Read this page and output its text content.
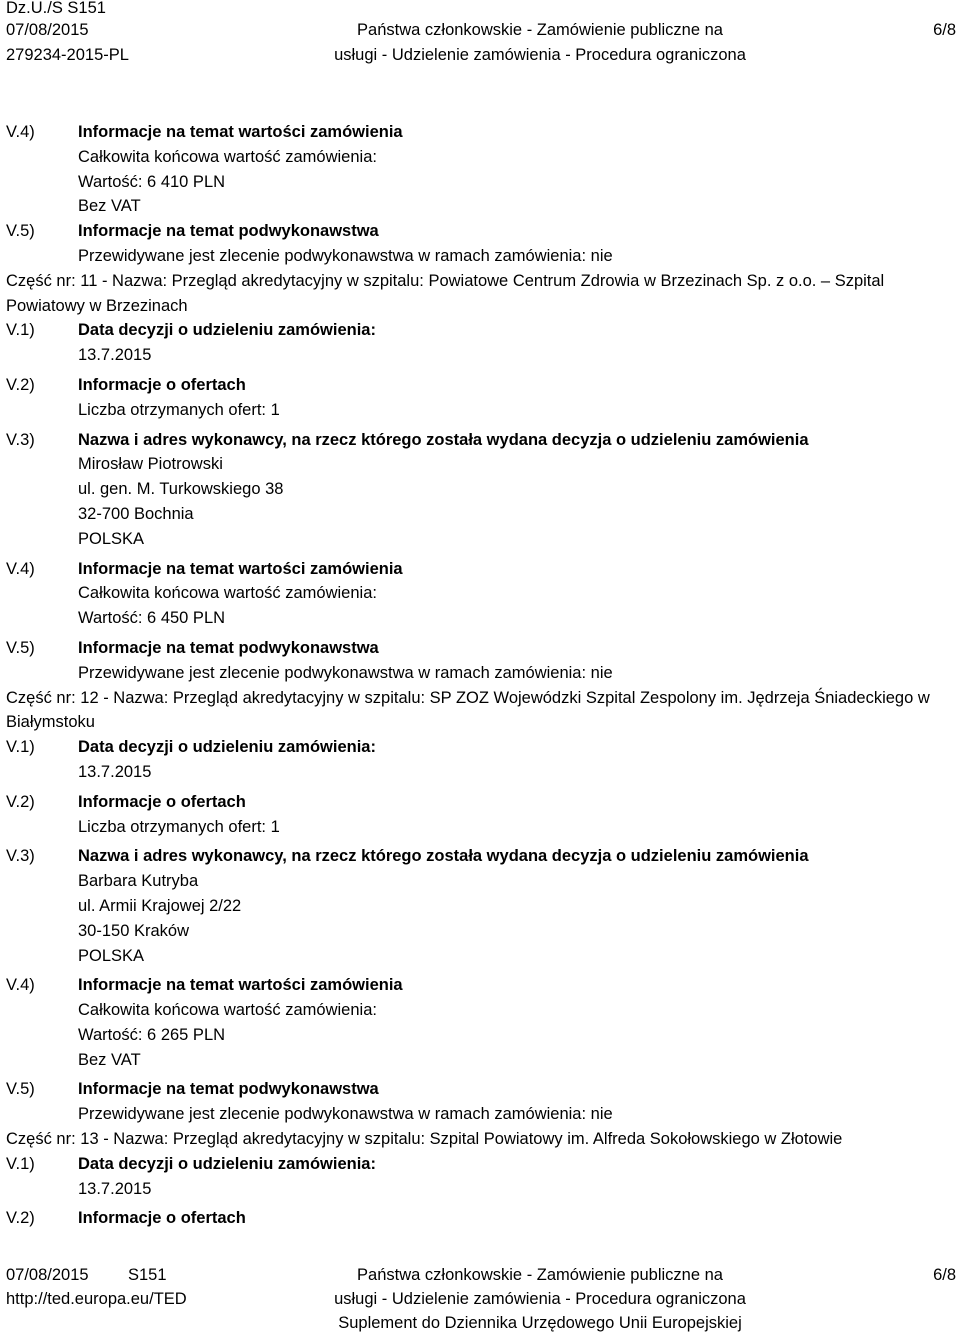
Dz.U./S S151
07/08/2015
279234-2015-PL
Państwa członkowskie - Zamówienie publiczne na
usługi - Udzielenie zamówienia - Procedura ograniczona
6/8
V.4)	Informacje na temat wartości zamówienia
Całkowita końcowa wartość zamówienia:
Wartość: 6 410 PLN
Bez VAT
V.5)	Informacje na temat podwykonawstwa
Przewidywane jest zlecenie podwykonawstwa w ramach zamówienia: nie
Część nr: 11 - Nazwa: Przegląd akredytacyjny w szpitalu: Powiatowe Centrum Zdrowia w Brzezinach Sp. z o.o. – Szpital Powiatowy w Brzezinach
V.1)	Data decyzji o udzieleniu zamówienia:
13.7.2015
V.2)	Informacje o ofertach
Liczba otrzymanych ofert: 1
V.3)	Nazwa i adres wykonawcy, na rzecz którego została wydana decyzja o udzieleniu zamówienia
Mirosław Piotrowski
ul. gen. M. Turkowskiego 38
32-700 Bochnia
POLSKA
V.4)	Informacje na temat wartości zamówienia
Całkowita końcowa wartość zamówienia:
Wartość: 6 450 PLN
V.5)	Informacje na temat podwykonawstwa
Przewidywane jest zlecenie podwykonawstwa w ramach zamówienia: nie
Część nr: 12 - Nazwa: Przegląd akredytacyjny w szpitalu: SP ZOZ Wojewódzki Szpital Zespolony im. Jędrzeja Śniadeckiego w Białymstoku
V.1)	Data decyzji o udzieleniu zamówienia:
13.7.2015
V.2)	Informacje o ofertach
Liczba otrzymanych ofert: 1
V.3)	Nazwa i adres wykonawcy, na rzecz którego została wydana decyzja o udzieleniu zamówienia
Barbara Kutryba
ul. Armii Krajowej 2/22
30-150 Kraków
POLSKA
V.4)	Informacje na temat wartości zamówienia
Całkowita końcowa wartość zamówienia:
Wartość: 6 265 PLN
Bez VAT
V.5)	Informacje na temat podwykonawstwa
Przewidywane jest zlecenie podwykonawstwa w ramach zamówienia: nie
Część nr: 13 - Nazwa: Przegląd akredytacyjny w szpitalu: Szpital Powiatowy im. Alfreda Sokołowskiego w Złotowie
V.1)	Data decyzji o udzieleniu zamówienia:
13.7.2015
V.2)	Informacje o ofertach
07/08/2015 S151
http://ted.europa.eu/TED
Państwa członkowskie - Zamówienie publiczne na
usługi - Udzielenie zamówienia - Procedura ograniczona
Suplement do Dziennika Urzędowego Unii Europejskiej
6/8
